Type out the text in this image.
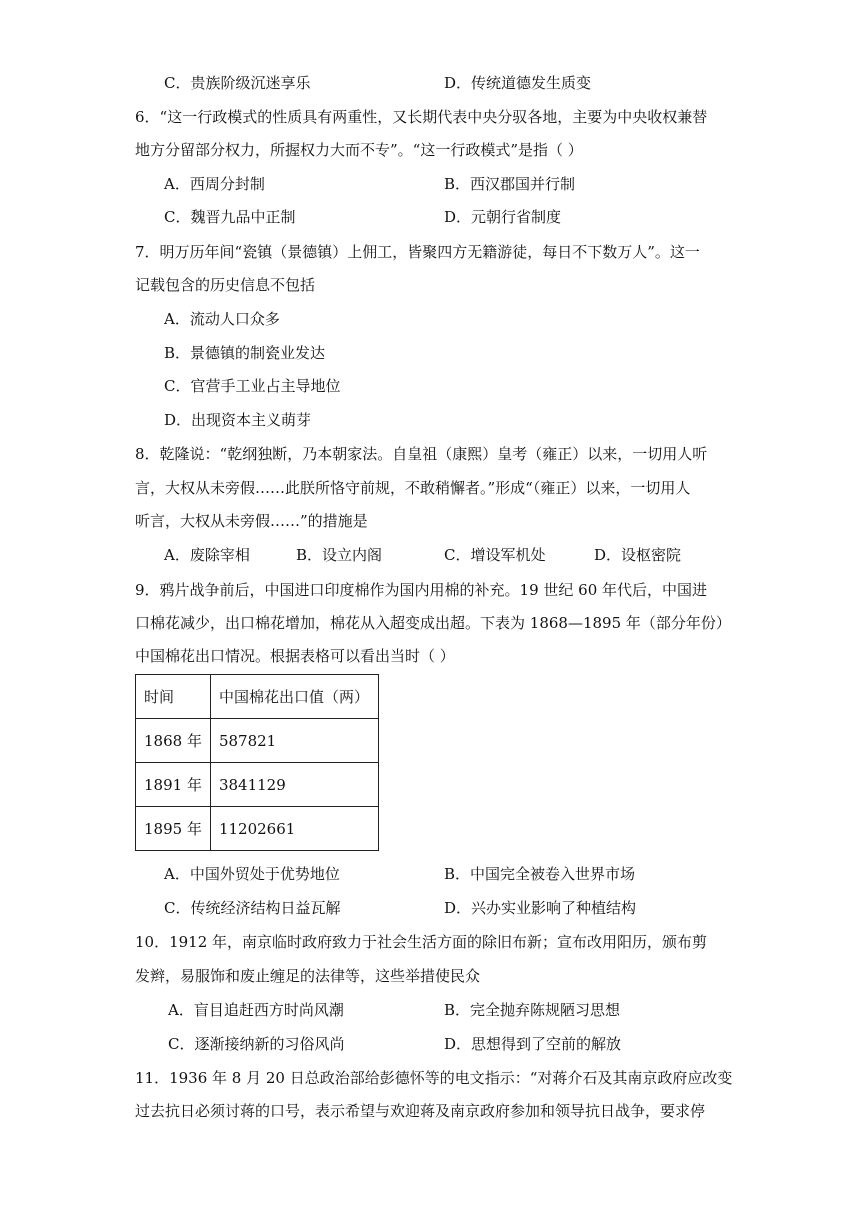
C．贵族阶级沉迷享乐	D．传统道德发生质变
6．“这一行政模式的性质具有两重性，又长期代表中央分驭各地，主要为中央收权兼替
地方分留部分权力，所握权力大而不专”。“这一行政模式”是指（ ）
A．西周分封制	B．西汉郡国并行制
C．魏晋九品中正制	D．元朝行省制度
7．明万历年间“瓷镇（景德镇）上佣工，皆聚四方无籍游徒，每日不下数万人”。这一
记载包含的历史信息不包括
A．流动人口众多
B．景德镇的制瓷业发达
C．官营手工业占主导地位
D．出现资本主义萌芽
8．乾隆说：“乾纲独断，乃本朝家法。自皇祖（康熙）皇考（雍正）以来，一切用人听
言，大权从未旁假……此朕所恪守前规，不敢稍懈者。”形成“（雍正）以来，一切用人
听言，大权从未旁假……”的措施是
A．废除宰相	B．设立内阁	C．增设军机处	D．设枢密院
9．鸦片战争前后，中国进口印度棉作为国内用棉的补充。19 世纪 60 年代后，中国进
口棉花减少，出口棉花增加，棉花从入超变成出超。下表为 1868—1895 年（部分年份）
中国棉花出口情况。根据表格可以看出当时（ ）
时间	中国棉花出口值（两）
1868 年	587821
1891 年	3841129
1895 年	11202661
A．中国外贸处于优势地位	B．中国完全被卷入世界市场
C．传统经济结构日益瓦解	D．兴办实业影响了种植结构
10．1912 年，南京临时政府致力于社会生活方面的除旧布新；宣布改用阳历，颁布剪
发辫，易服饰和废止缠足的法律等，这些举措使民众
A．盲目追赶西方时尚风潮	B．完全抛弃陈规陋习思想
C．逐渐接纳新的习俗风尚	D．思想得到了空前的解放
11．1936 年 8 月 20 日总政治部给彭德怀等的电文指示：“对蒋介石及其南京政府应改变
过去抗日必须讨蒋的口号，表示希望与欢迎蒋及南京政府参加和领导抗日战争，要求停
